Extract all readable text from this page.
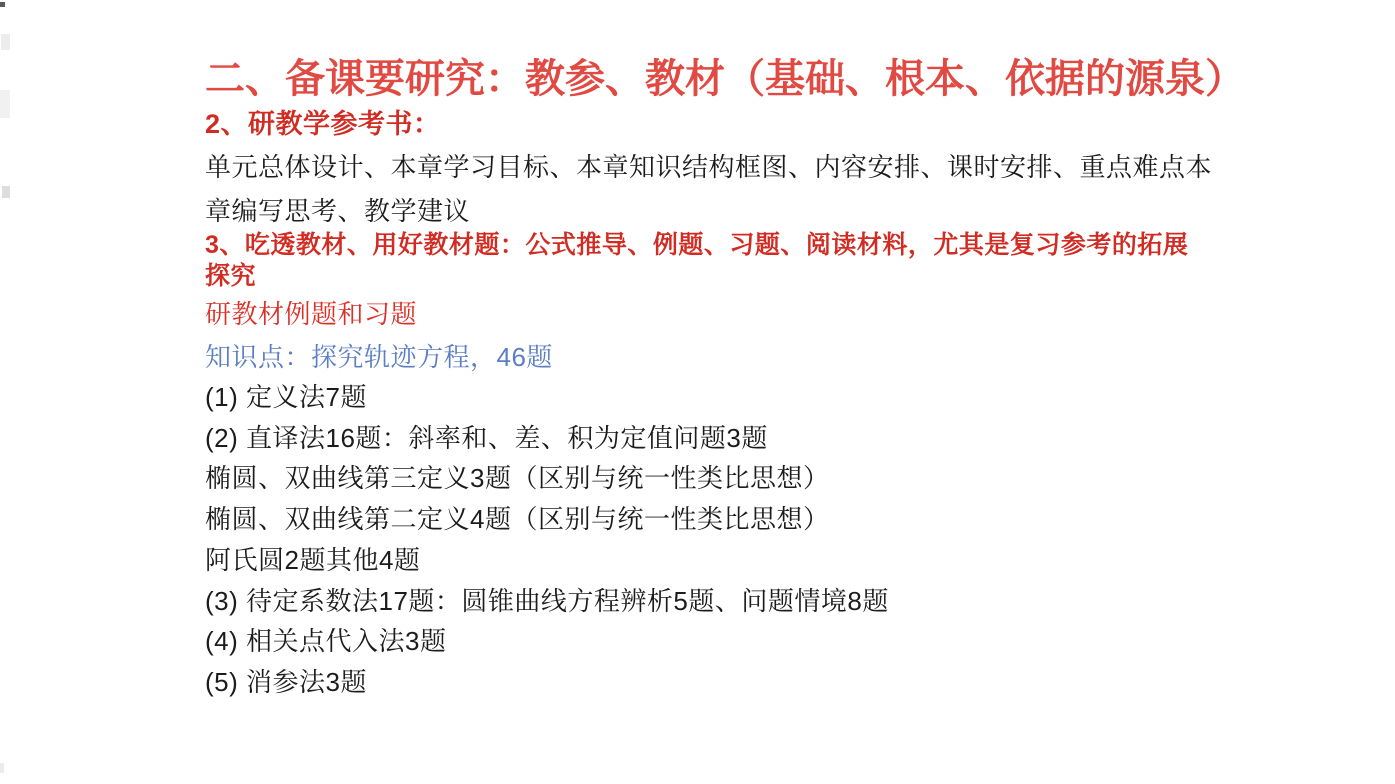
二、备课要研究：教参、教材（基础、根本、依据的源泉）
2、研教学参考书：
单元总体设计、本章学习目标、本章知识结构框图、内容安排、课时安排、重点难点本
章编写思考、教学建议
3、吃透教材、用好教材题：公式推导、例题、习题、阅读材料，尤其是复习参考的拓展
探究
研教材例题和习题
知识点：探究轨迹方程，46题
(1) 定义法7题
(2) 直译法16题：斜率和、差、积为定值问题3题
椭圆、双曲线第三定义3题（区别与统一性类比思想）
椭圆、双曲线第二定义4题（区别与统一性类比思想）
阿氏圆2题其他4题
(3) 待定系数法17题：圆锥曲线方程辨析5题、问题情境8题
(4) 相关点代入法3题
(5) 消参法3题
